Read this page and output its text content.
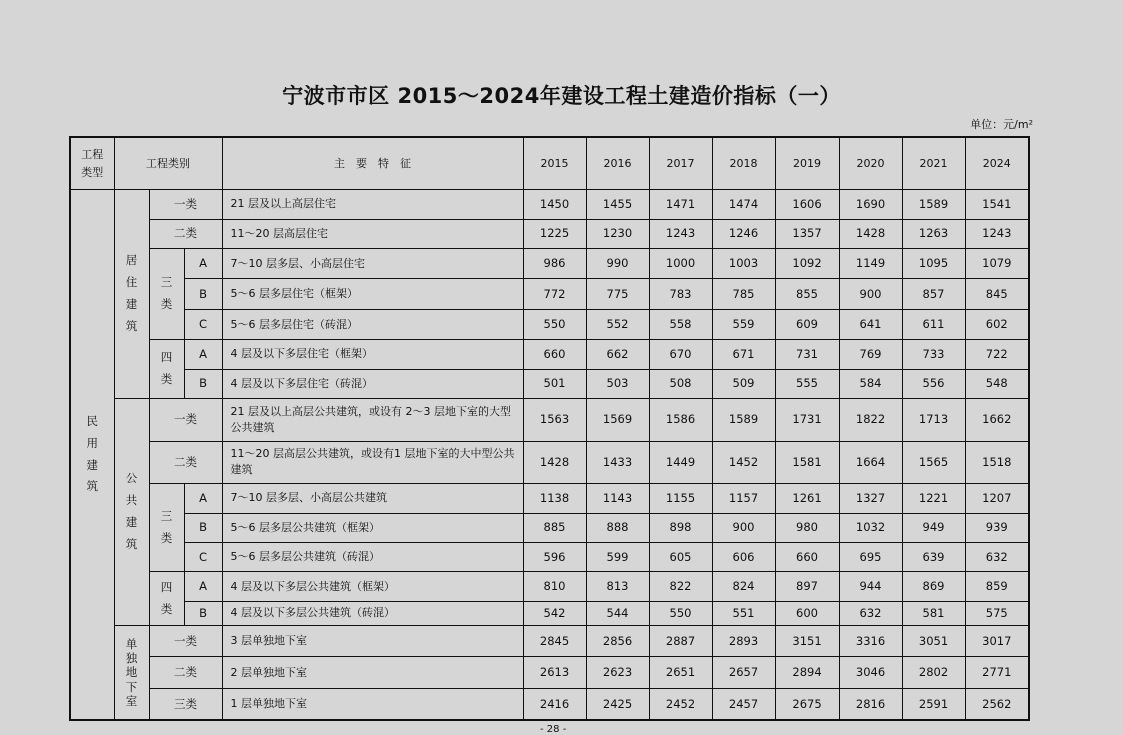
宁波市市区 2015～2024年建设工程土建造价指标（一）
单位：元/m²
工程类型	工程类别			主　要　特　征	2015	2016	2017	2018	2019	2020	2021	2024

民用建筑	居住建筑	一类		21 层及以上高层住宅	1450	1455	1471	1474	1606	1690	1589	1541
		二类		11～20 层高层住宅	1225	1230	1243	1246	1357	1428	1263	1243

		三类	A	7～10 层多层、小高层住宅	986	990	1000	1003	1092	1149	1095	1079
			B	5～6 层多层住宅（框架）	772	775	783	785	855	900	857	845
			C	5～6 层多层住宅（砖混）	550	552	558	559	609	641	611	602

		四类	A	4 层及以下多层住宅（框架）	660	662	670	671	731	769	733	722
			B	4 层及以下多层住宅（砖混）	501	503	508	509	555	584	556	548

	公共建筑	一类		21 层及以上高层公共建筑，或设有 2～3 层地下室的大型公共建筑	1563	1569	1586	1589	1731	1822	1713	1662
		二类		11～20 层高层公共建筑，或设有1 层地下室的大中型公共建筑	1428	1433	1449	1452	1581	1664	1565	1518

		三类	A	7～10 层多层、小高层公共建筑	1138	1143	1155	1157	1261	1327	1221	1207
			B	5～6 层多层公共建筑（框架）	885	888	898	900	980	1032	949	939
			C	5～6 层多层公共建筑（砖混）	596	599	605	606	660	695	639	632

		四类	A	4 层及以下多层公共建筑（框架）	810	813	822	824	897	944	869	859
			B	4 层及以下多层公共建筑（砖混）	542	544	550	551	600	632	581	575

	单独地下室	一类		3 层单独地下室	2845	2856	2887	2893	3151	3316	3051	3017
		二类		2 层单独地下室	2613	2623	2651	2657	2894	3046	2802	2771
		三类		1 层单独地下室	2416	2425	2452	2457	2675	2816	2591	2562
- 28 -
